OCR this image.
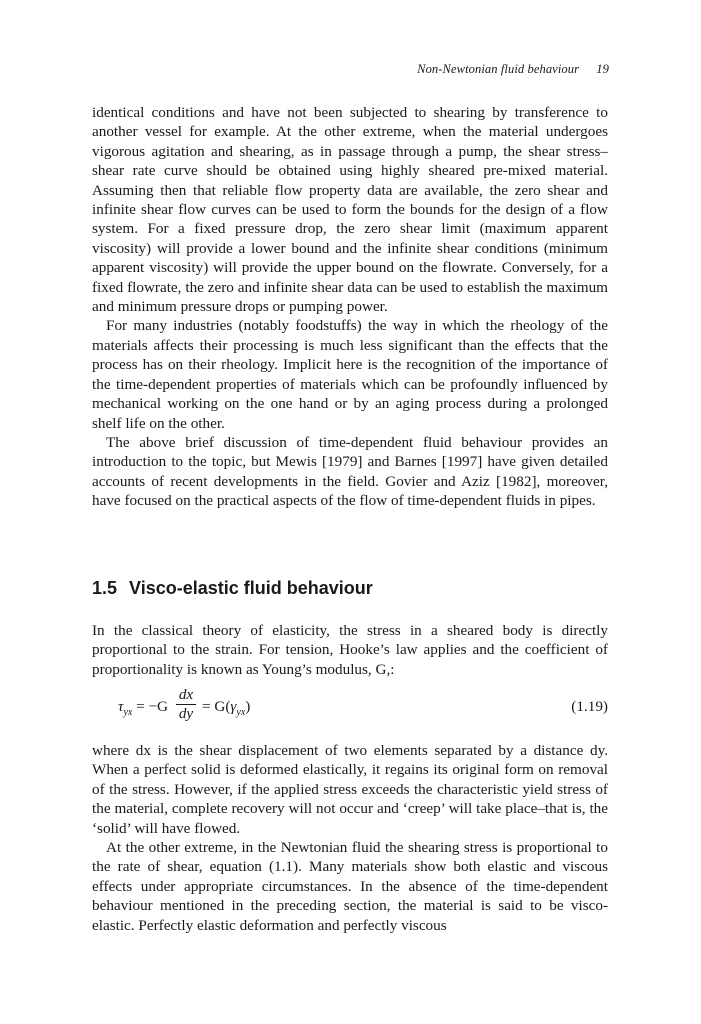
Non-Newtonian fluid behaviour 19

identical conditions and have not been subjected to shearing by transference to another vessel for example. At the other extreme, when the material undergoes vigorous agitation and shearing, as in passage through a pump, the shear stress–shear rate curve should be obtained using highly sheared pre-mixed material. Assuming then that reliable flow property data are available, the zero shear and infinite shear flow curves can be used to form the bounds for the design of a flow system. For a fixed pressure drop, the zero shear limit (maximum apparent viscosity) will provide a lower bound and the infinite shear conditions (minimum apparent viscosity) will provide the upper bound on the flowrate. Conversely, for a fixed flowrate, the zero and infinite shear data can be used to establish the maximum and minimum pressure drops or pumping power.

For many industries (notably foodstuffs) the way in which the rheology of the materials affects their processing is much less significant than the effects that the process has on their rheology. Implicit here is the recognition of the importance of the time-dependent properties of materials which can be profoundly influenced by mechanical working on the one hand or by an aging process during a prolonged shelf life on the other.

The above brief discussion of time-dependent fluid behaviour provides an introduction to the topic, but Mewis [1979] and Barnes [1997] have given detailed accounts of recent developments in the field. Govier and Aziz [1982], moreover, have focused on the practical aspects of the flow of time-dependent fluids in pipes.

1.5 Visco-elastic fluid behaviour

In the classical theory of elasticity, the stress in a sheared body is directly proportional to the strain. For tension, Hooke’s law applies and the coefficient of proportionality is known as Young’s modulus, G,:

$\tau_{yx} = -G \frac{dx}{dy} = G(\gamma_{yx})$	(1.19)

where dx is the shear displacement of two elements separated by a distance dy. When a perfect solid is deformed elastically, it regains its original form on removal of the stress. However, if the applied stress exceeds the characteristic yield stress of the material, complete recovery will not occur and ‘creep’ will take place–that is, the ‘solid’ will have flowed.

At the other extreme, in the Newtonian fluid the shearing stress is proportional to the rate of shear, equation (1.1). Many materials show both elastic and viscous effects under appropriate circumstances. In the absence of the time-dependent behaviour mentioned in the preceding section, the material is said to be visco-elastic. Perfectly elastic deformation and perfectly viscous
